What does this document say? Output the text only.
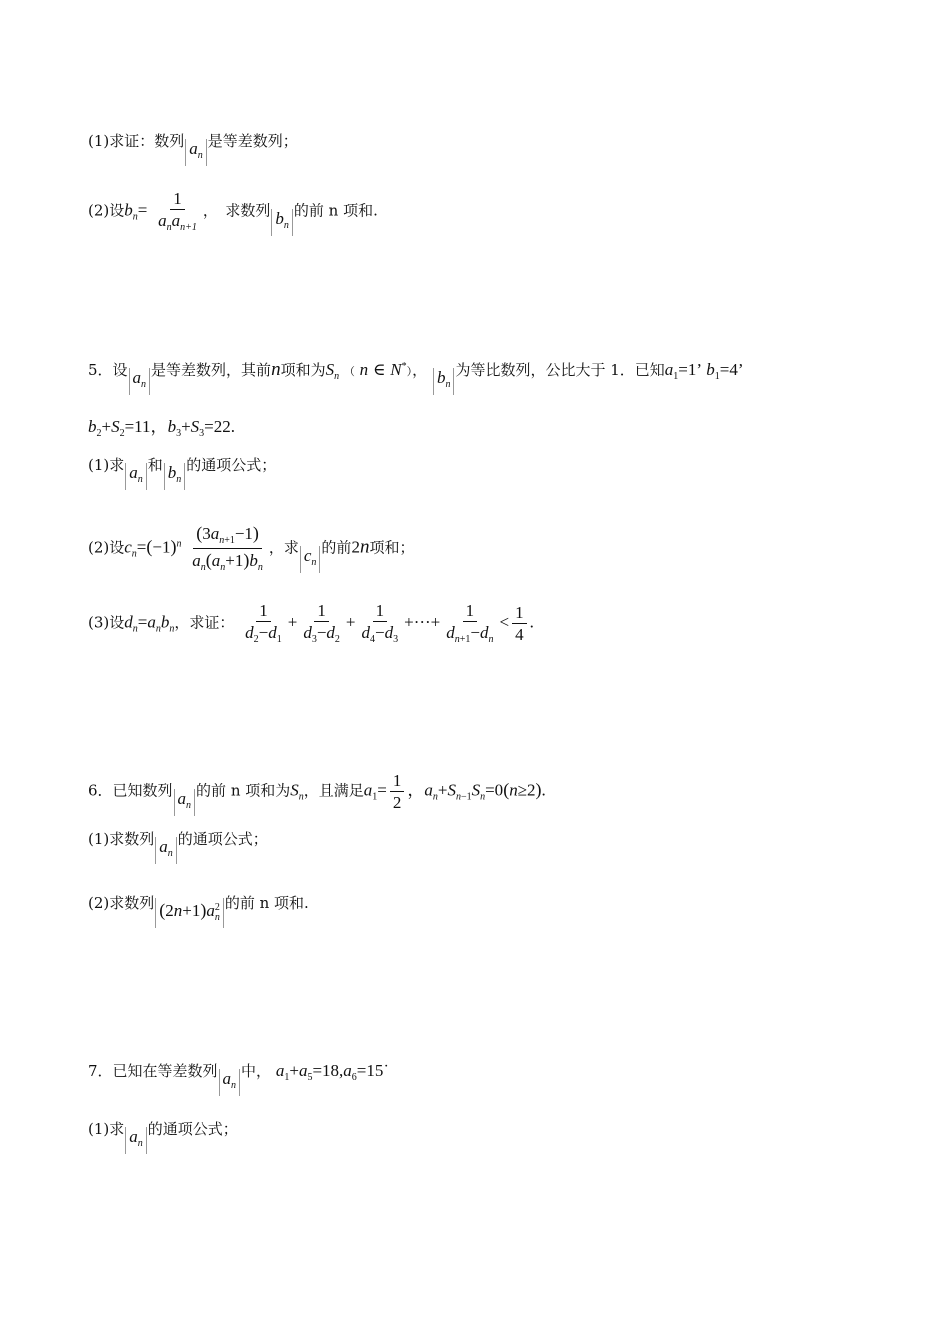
(1)求证：数列 $a_n$是等差数列；
(2)设$b_n= \frac{1}{a_na_{n+1}}$ ，　求数列 $b_n$的前 n 项和.
5．设 $a_n$是等差数列，其前n项和为$S_n$ （ n ∈ N*）， $b_n$为等比数列，公比大于 1．已知$a_1=1$’ $b_1=4$’
$b_2+S_2=11$，$b_3+S_3=22$.
(1)求 $a_n$和 $b_n$的通项公式；
(2)设$c_n=(-1)^n \frac{(3a_{n+1}-1)}{a_n(a_n+1)b_n}$ ，求 $c_n$的前2n项和；
(3)设$d_n=a_nb_n$，求证： $\frac{1}{d_2-d_1} + \frac{1}{d_3-d_2} + \frac{1}{d_4-d_3}$ +···+ $\frac{1}{d_{n+1}-d_n} < \frac{1}{4}$ .
6．已知数列 $a_n$的前 n 项和为$S_n$，且满足$a_1= \frac{1}{2}$ ，$a_n+S_{n-1}S_n=0(n\ge 2)$.
(1)求数列 $a_n$的通项公式；
(2)求数列 $(2n+1)a_n^2$ 的前 n 项和.
7．已知在等差数列 $a_n$中， $a_1+a_5=18,a_6=15˙$
(1)求 $a_n$的通项公式；
